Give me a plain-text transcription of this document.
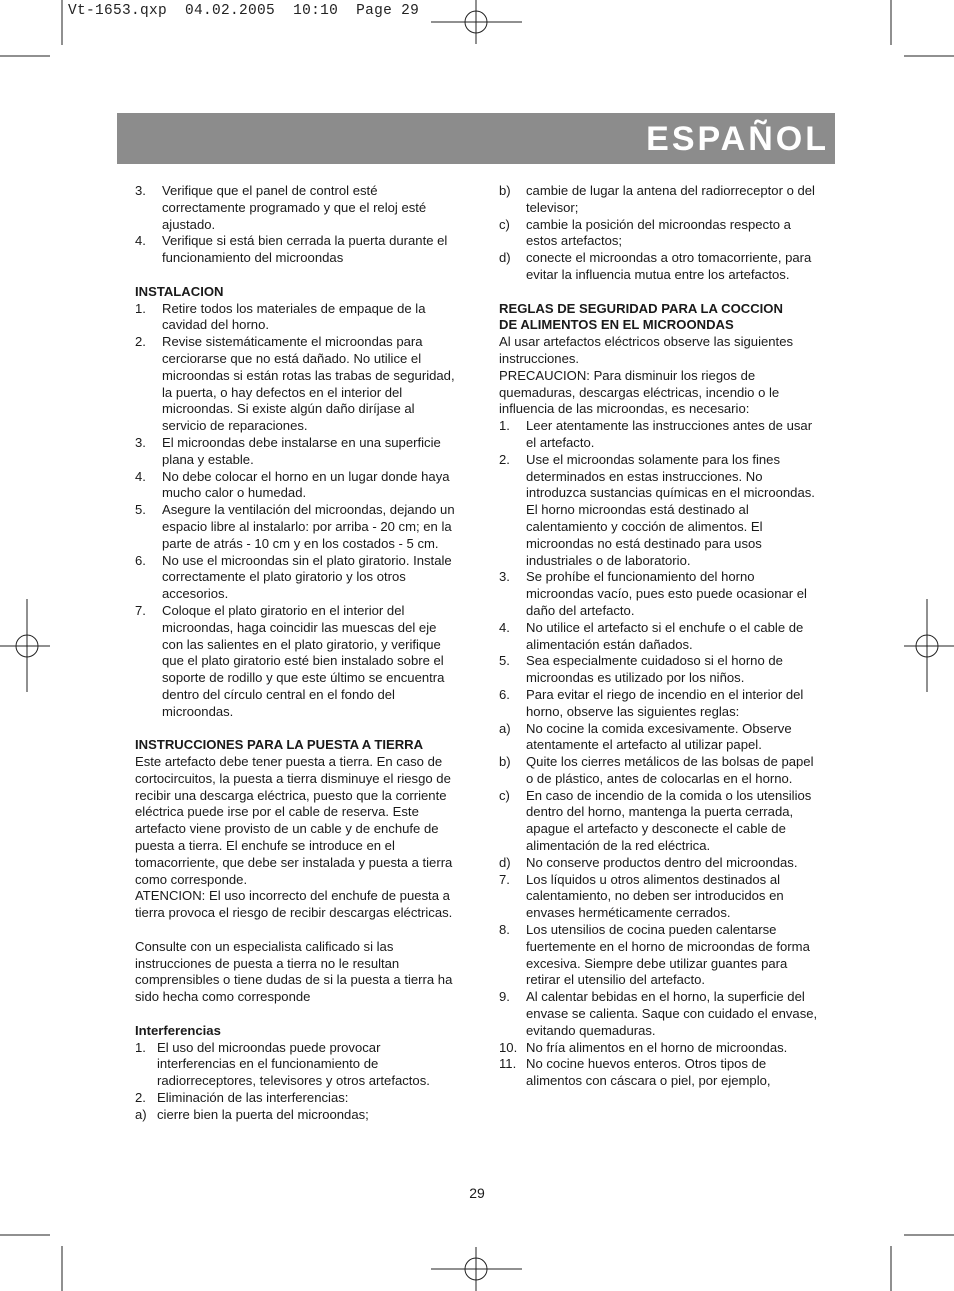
Vt-1653.qxp 04.02.2005 10:10 Page 29
ESPAÑOL
3. Verifique que el panel de control esté correctamente programado y que el reloj esté ajustado.
4. Verifique si está bien cerrada la puerta durante el funcionamiento del microondas

INSTALACION

1. Retire todos los materiales de empaque de la cavidad del horno.
2. Revise sistemáticamente el microondas para cerciorarse que no está dañado. No utilice el microondas si están rotas las trabas de seguridad, la puerta, o hay defectos en el interior del microondas. Si existe algún daño diríjase al servicio de reparaciones.
3. El microondas debe instalarse en una superficie plana y estable.
4. No debe colocar el horno en un lugar donde haya mucho calor o humedad.
5. Asegure la ventilación del microondas, dejando un espacio libre al instalarlo: por arriba - 20 cm; en la parte de atrás - 10 cm y en los costados - 5 cm.
6. No use el microondas sin el plato giratorio. Instale correctamente el plato giratorio y los otros accesorios.
7. Coloque el plato giratorio en el interior del microondas, haga coincidir las muescas del eje con las salientes en el plato giratorio, y verifique que el plato giratorio esté bien instalado sobre el soporte de rodillo y que este último se encuentra dentro del círculo central en el fondo del microondas.

INSTRUCCIONES PARA LA PUESTA A TIERRA

Este artefacto debe tener puesta a tierra. En caso de cortocircuitos, la puesta a tierra disminuye el riesgo de recibir una descarga eléctrica, puesto que la corriente eléctrica puede irse por el cable de reserva. Este artefacto viene provisto de un cable y de enchufe de puesta a tierra. El enchufe se introduce en el tomacorriente, que debe ser instalada y puesta a tierra como corresponde.

ATENCION: El uso incorrecto del enchufe de puesta a tierra provoca el riesgo de recibir descargas eléctricas.

Consulte con un especialista calificado si las instrucciones de puesta a tierra no le resultan comprensibles o tiene dudas de si la puesta a tierra ha sido hecha como corresponde

Interferencias

1. El uso del microondas puede provocar interferencias en el funcionamiento de radiorreceptores, televisores y otros artefactos.
2. Eliminación de las interferencias:
a) cierre bien la puerta del microondas;
b) cambie de lugar la antena del radiorreceptor o del televisor;
c) cambie la posición del microondas respecto a estos artefactos;
d) conecte el microondas a otro tomacorriente, para evitar la influencia mutua entre los artefactos.

REGLAS DE SEGURIDAD PARA LA COCCION

DE ALIMENTOS EN EL MICROONDAS

Al usar artefactos eléctricos observe las siguientes instrucciones.

PRECAUCION: Para disminuir los riegos de quemaduras, descargas eléctricas, incendio o le influencia de las microondas, es necesario:

1. Leer atentamente las instrucciones antes de usar el artefacto.
2. Use el microondas solamente para los fines determinados en estas instrucciones. No introduzca sustancias químicas en el microondas. El horno microondas está destinado al calentamiento y cocción de alimentos. El microondas no está destinado para usos industriales o de laboratorio.
3. Se prohíbe el funcionamiento del horno microondas vacío, pues esto puede ocasionar el daño del artefacto.
4. No utilice el artefacto si el enchufe o el cable de alimentación están dañados.
5. Sea especialmente cuidadoso si el horno de microondas es utilizado por los niños.
6. Para evitar el riego de incendio en el interior del horno, observe las siguientes reglas:
a) No cocine la comida excesivamente. Observe atentamente el artefacto al utilizar papel.
b) Quite los cierres metálicos de las bolsas de papel o de plástico, antes de colocarlas en el horno.
c) En caso de incendio de la comida o los utensilios dentro del horno, mantenga la puerta cerrada, apague el artefacto y desconecte el cable de alimentación de la red eléctrica.
d) No conserve productos dentro del microondas.
7. Los líquidos u otros alimentos destinados al calentamiento, no deben ser introducidos en envases herméticamente cerrados.
8. Los utensilios de cocina pueden calentarse fuertemente en el horno de microondas de forma excesiva. Siempre debe utilizar guantes para retirar el utensilio del artefacto.
9. Al calentar bebidas en el horno, la superficie del envase se calienta. Saque con cuidado el envase, evitando quemaduras.
10. No fría alimentos en el horno de microondas.
11. No cocine huevos enteros. Otros tipos de alimentos con cáscara o piel, por ejemplo,
29
